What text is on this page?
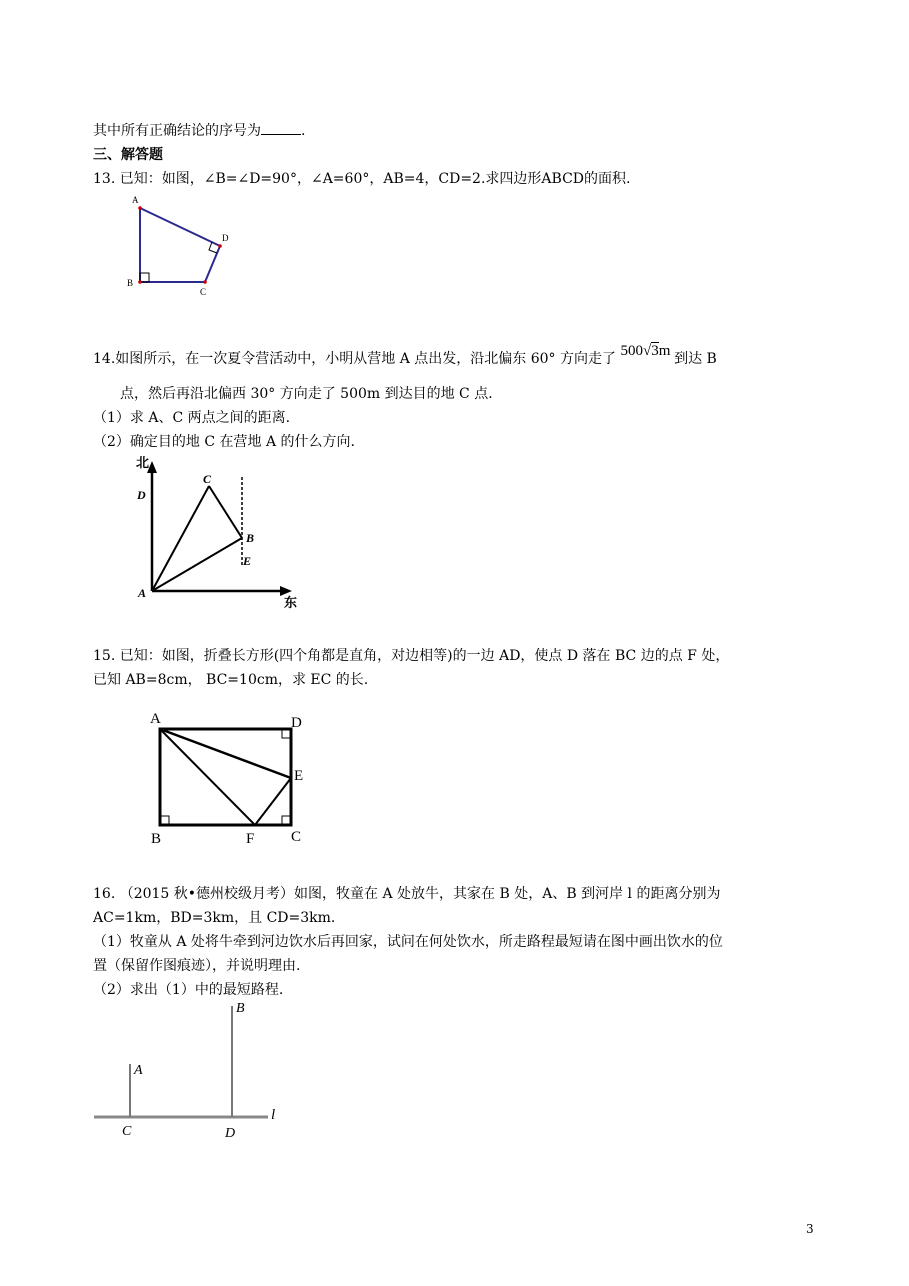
其中所有正确结论的序号为	.
三、解答题
13. 已知：如图，∠B=∠D=90°，∠A=60°，AB=4，CD=2.求四边形ABCD的面积.
A
B
C
D
14.如图所示，在一次夏令营活动中，小明从营地 A 点出发，沿北偏东 60° 方向走了 500√3m 到达 B
点，然后再沿北偏西 30° 方向走了 500m 到达目的地 C 点.
（1）求 A、C 两点之间的距离.
（2）确定目的地 C 在营地 A 的什么方向.
北
东
A
B
C
D
E
15. 已知：如图，折叠长方形(四个角都是直角，对边相等)的一边 AD，使点 D 落在 BC 边的点 F 处，
已知 AB=8cm， BC=10cm，求 EC 的长.
A
B	C
D
E
F
16. （2015 秋•德州校级月考）如图，牧童在 A 处放牛，其家在 B 处，A、B 到河岸 l 的距离分别为
AC=1km，BD=3km，且 CD=3km.
（1）牧童从 A 处将牛牵到河边饮水后再回家，试问在何处饮水，所走路程最短请在图中画出饮水的位
置（保留作图痕迹），并说明理由.
（2）求出（1）中的最短路程.
A
B
C	D
l
3
